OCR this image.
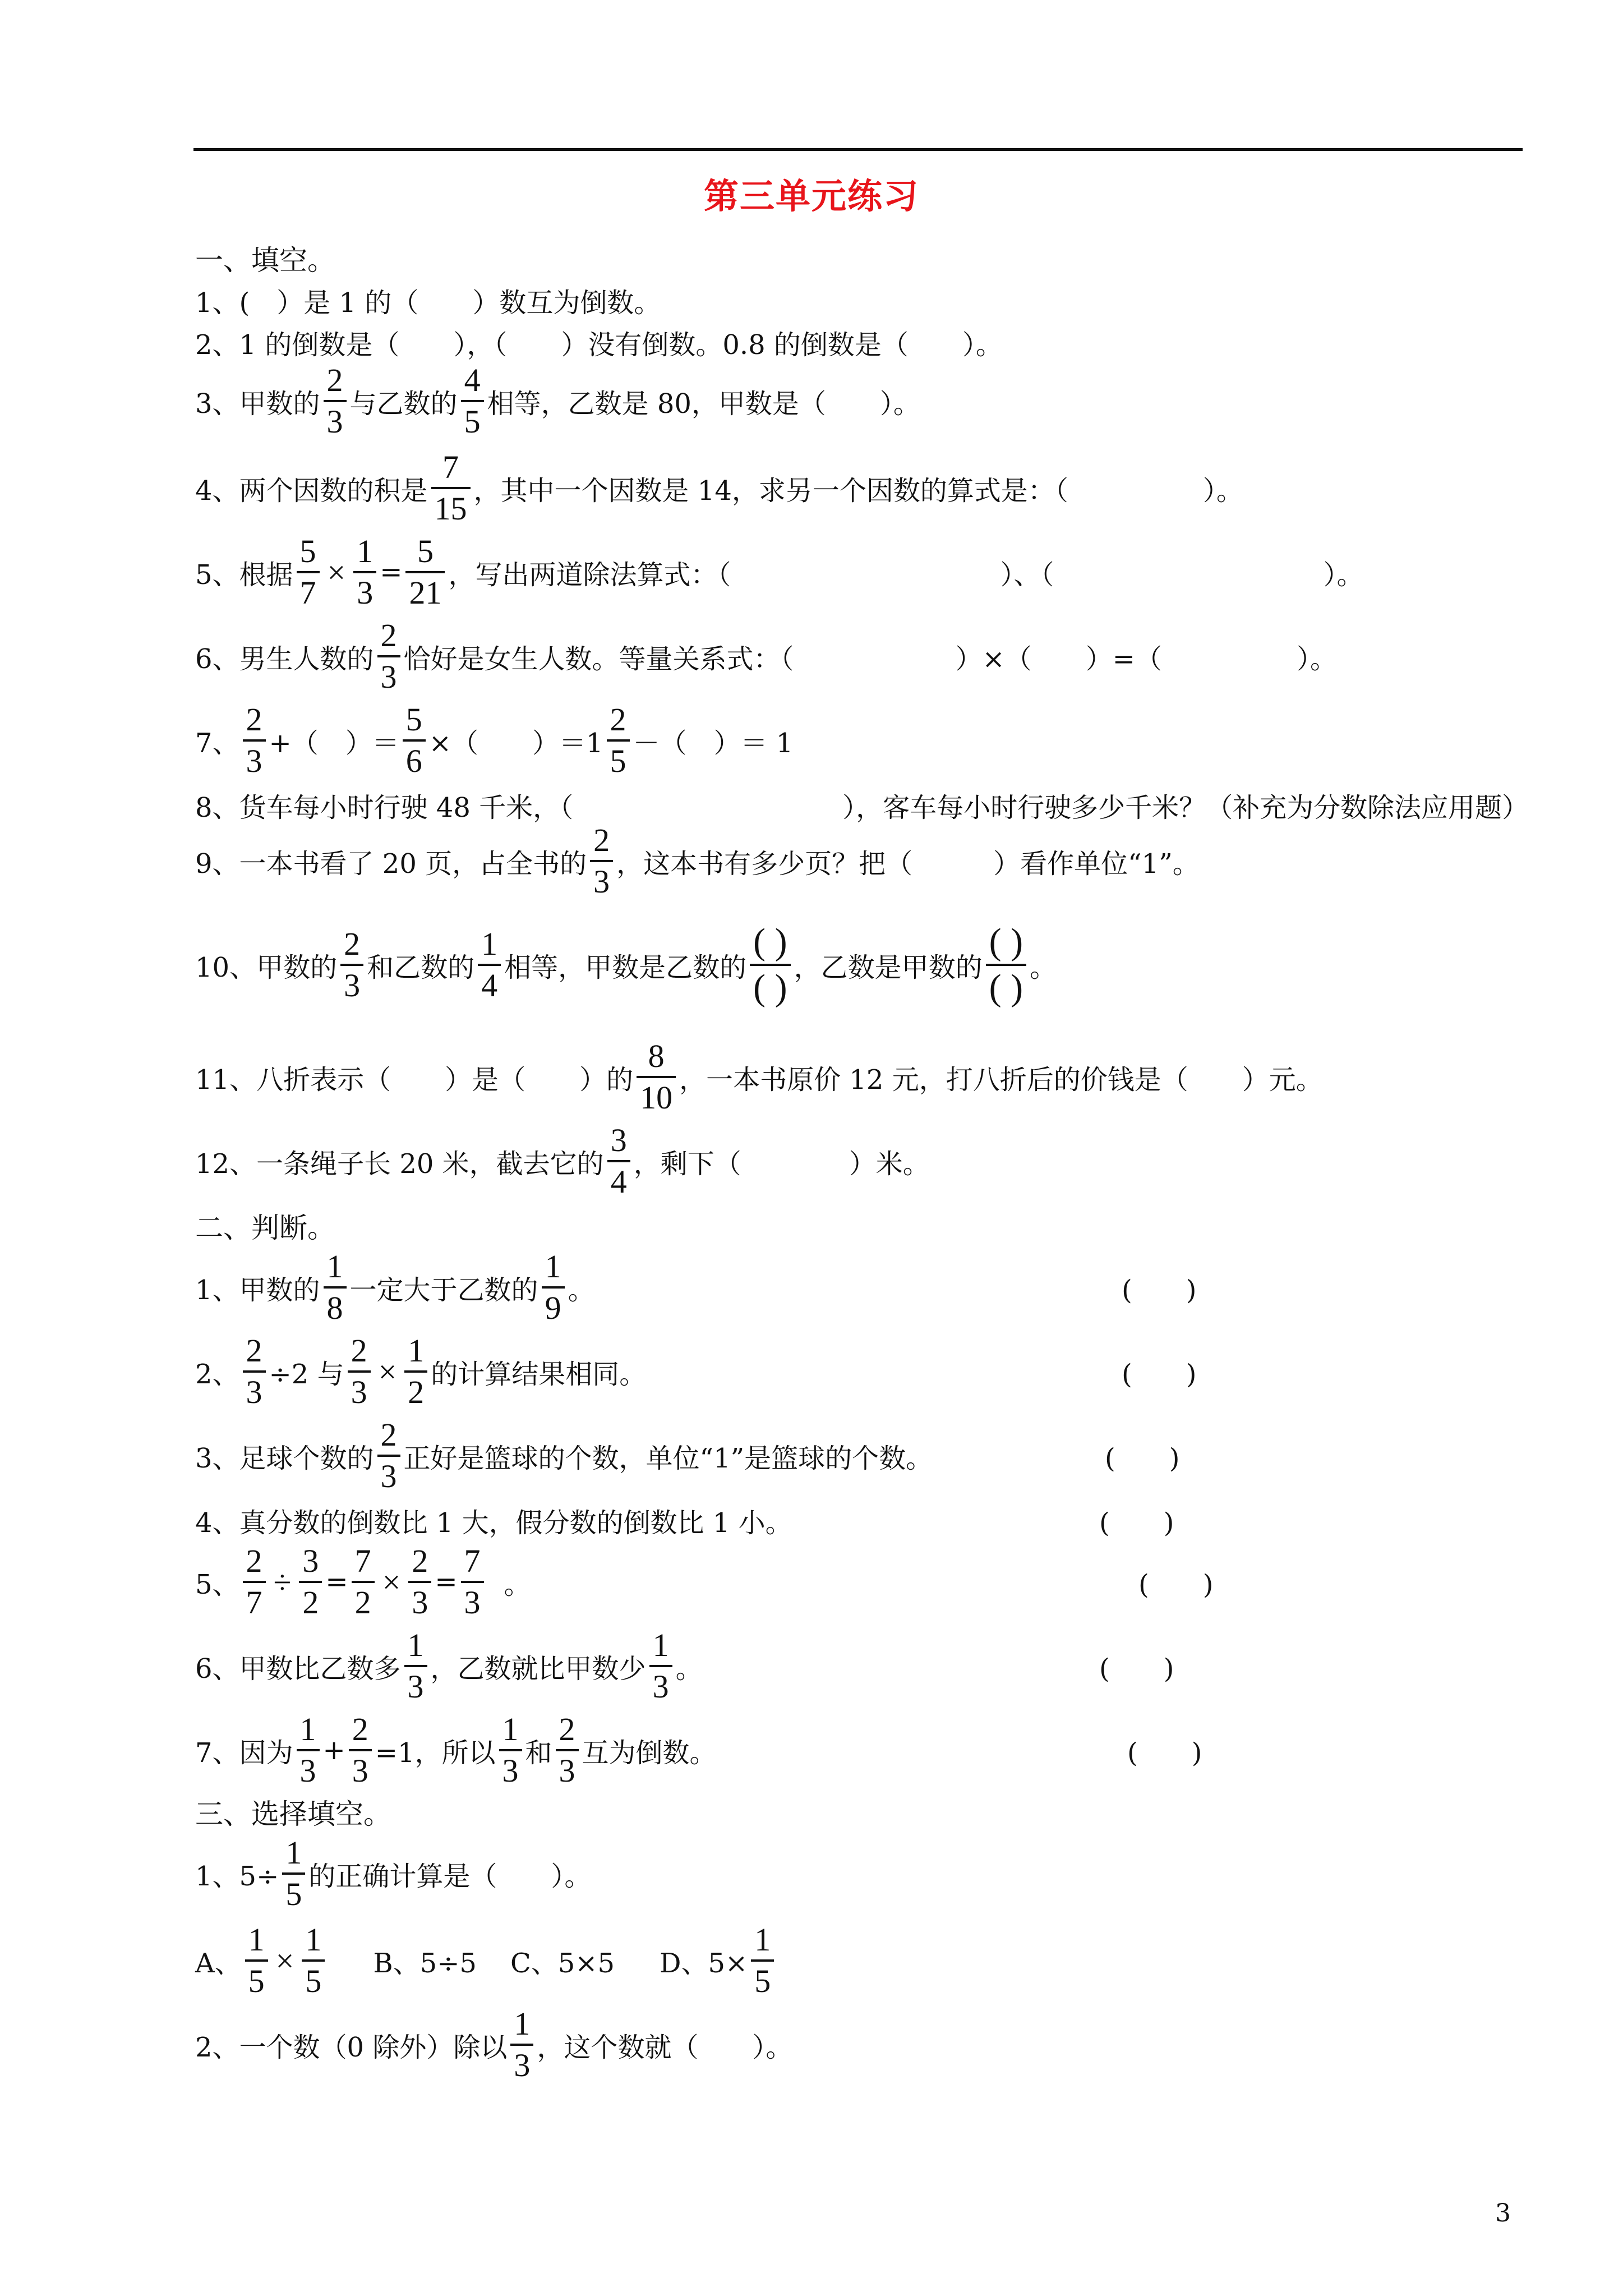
第三单元练习
一、填空。
1、(　）是 1 的（　　）数互为倒数。
2、1 的倒数是（　　），（　　）没有倒数。0.8 的倒数是（　　）。
3、甲数的 $\frac{2}{3}$ 与乙数的 $\frac{4}{5}$ 相等，乙数是 80，甲数是（　　）。
4、两个因数的积是 $\frac{7}{15}$ ，其中一个因数是 14，求另一个因数的算式是：（　　　　　）。
5、根据 $\frac{5}{7} \times \frac{1}{3} = \frac{5}{21}$ ，写出两道除法算式：（　　　　　　　　　　）、（　　　　　　　　　　）。
6、男生人数的 $\frac{2}{3}$ 恰好是女生人数。等量关系式：（　　　　　　）×（　　）=（　　　　　）。
7、 $\frac{2}{3}$ +（　）＝ $\frac{5}{6}$ ×（　　）$=1 \frac{2}{5}$ －（　）＝ 1
8、货车每小时行驶 48 千米，（　　　　　　　　　　），客车每小时行驶多少千米？（补充为分数除法应用题）
9、一本书看了 20 页，占全书的 $\frac{2}{3}$ ，这本书有多少页？把（　　　）看作单位“1”。
10、甲数的 $\frac{2}{3}$ 和乙数的 $\frac{1}{4}$ 相等，甲数是乙数的 $\frac{( )}{( )}$ ，乙数是甲数的 $\frac{( )}{( )}$ 。
11、八折表示（　　）是（　　）的 $\frac{8}{10}$ ，一本书原价 12 元，打八折后的价钱是（　　）元。
12、一条绳子长 20 米，截去它的 $\frac{3}{4}$ ，剩下（　　　　）米。
二、判断。
1、甲数的 $\frac{1}{8}$ 一定大于乙数的 $\frac{1}{9}$ 。	(　　)
2、 $\frac{2}{3} \div 2$ 与 $\frac{2}{3} \times \frac{1}{2}$ 的计算结果相同。	(　　)
3、足球个数的 $\frac{2}{3}$ 正好是篮球的个数，单位“1”是篮球的个数。	(　　)
4、真分数的倒数比 1 大，假分数的倒数比 1 小。	(　　)
5、 $\frac{2}{7} \div \frac{3}{2} = \frac{7}{2} \times \frac{2}{3} = \frac{7}{3}$ 。	(　　)
6、甲数比乙数多 $\frac{1}{3}$ ，乙数就比甲数少 $\frac{1}{3}$ 。	(　　)
7、因为 $\frac{1}{3} + \frac{2}{3} =1$，所以 $\frac{1}{3}$ 和 $\frac{2}{3}$ 互为倒数。	(　　)
三、选择填空。
1、$5\div \frac{1}{5}$ 的正确计算是（　　）。
A、 $\frac{1}{5} \times \frac{1}{5}$ B、5÷5 C、5×5 D、$5\times \frac{1}{5}$
2、一个数（0 除外）除以 $\frac{1}{3}$ ，这个数就（　　）。
3
